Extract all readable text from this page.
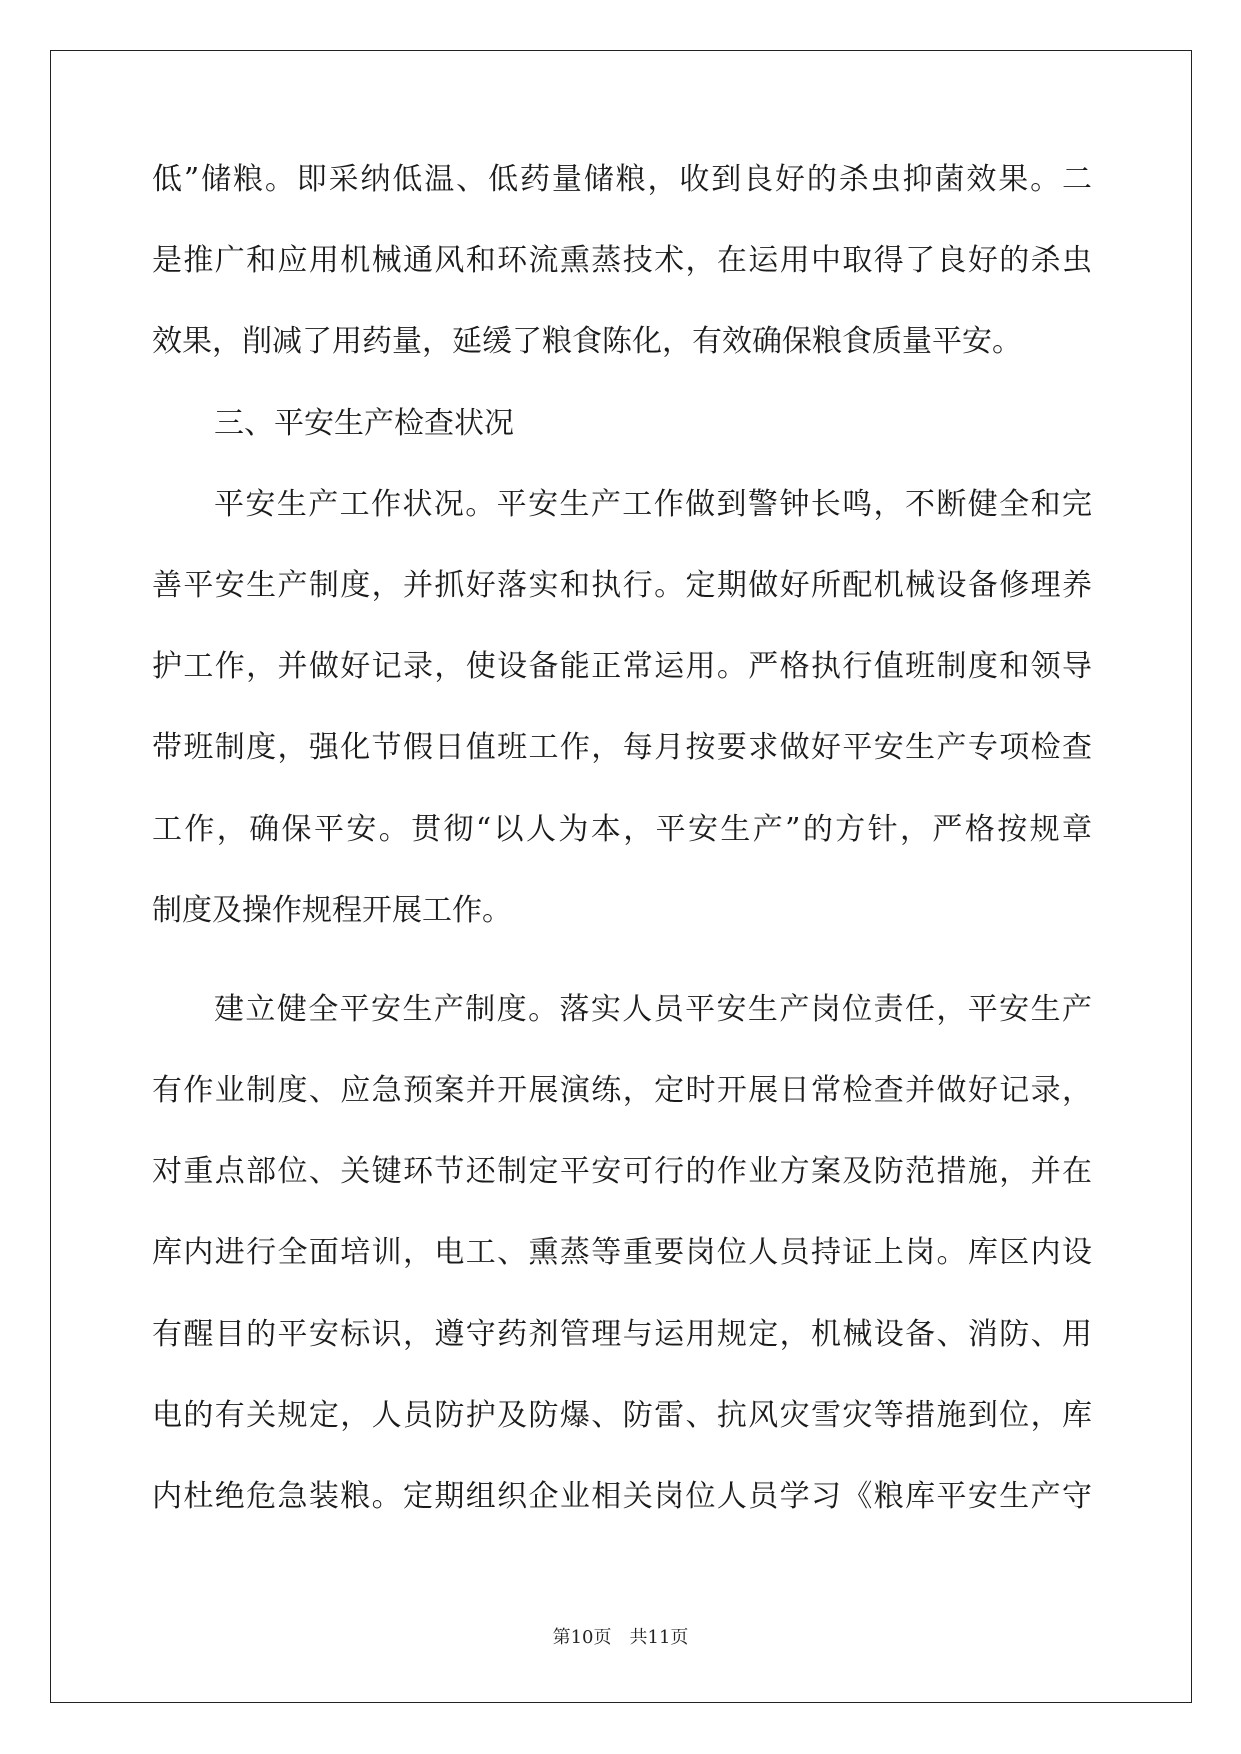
低”储粮。即采纳低温、低药量储粮，收到良好的杀虫抑菌效果。二
是推广和应用机械通风和环流熏蒸技术，在运用中取得了良好的杀虫
效果，削减了用药量，延缓了粮食陈化，有效确保粮食质量平安。
三、平安生产检查状况
平安生产工作状况。平安生产工作做到警钟长鸣，不断健全和完
善平安生产制度，并抓好落实和执行。定期做好所配机械设备修理养
护工作，并做好记录，使设备能正常运用。严格执行值班制度和领导
带班制度，强化节假日值班工作，每月按要求做好平安生产专项检查
工作，确保平安。贯彻“以人为本，平安生产”的方针，严格按规章
制度及操作规程开展工作。
建立健全平安生产制度。落实人员平安生产岗位责任，平安生产
有作业制度、应急预案并开展演练，定时开展日常检查并做好记录，
对重点部位、关键环节还制定平安可行的作业方案及防范措施，并在
库内进行全面培训，电工、熏蒸等重要岗位人员持证上岗。库区内设
有醒目的平安标识，遵守药剂管理与运用规定，机械设备、消防、用
电的有关规定，人员防护及防爆、防雷、抗风灾雪灾等措施到位，库
内杜绝危急装粮。定期组织企业相关岗位人员学习《粮库平安生产守
第10页 共11页
